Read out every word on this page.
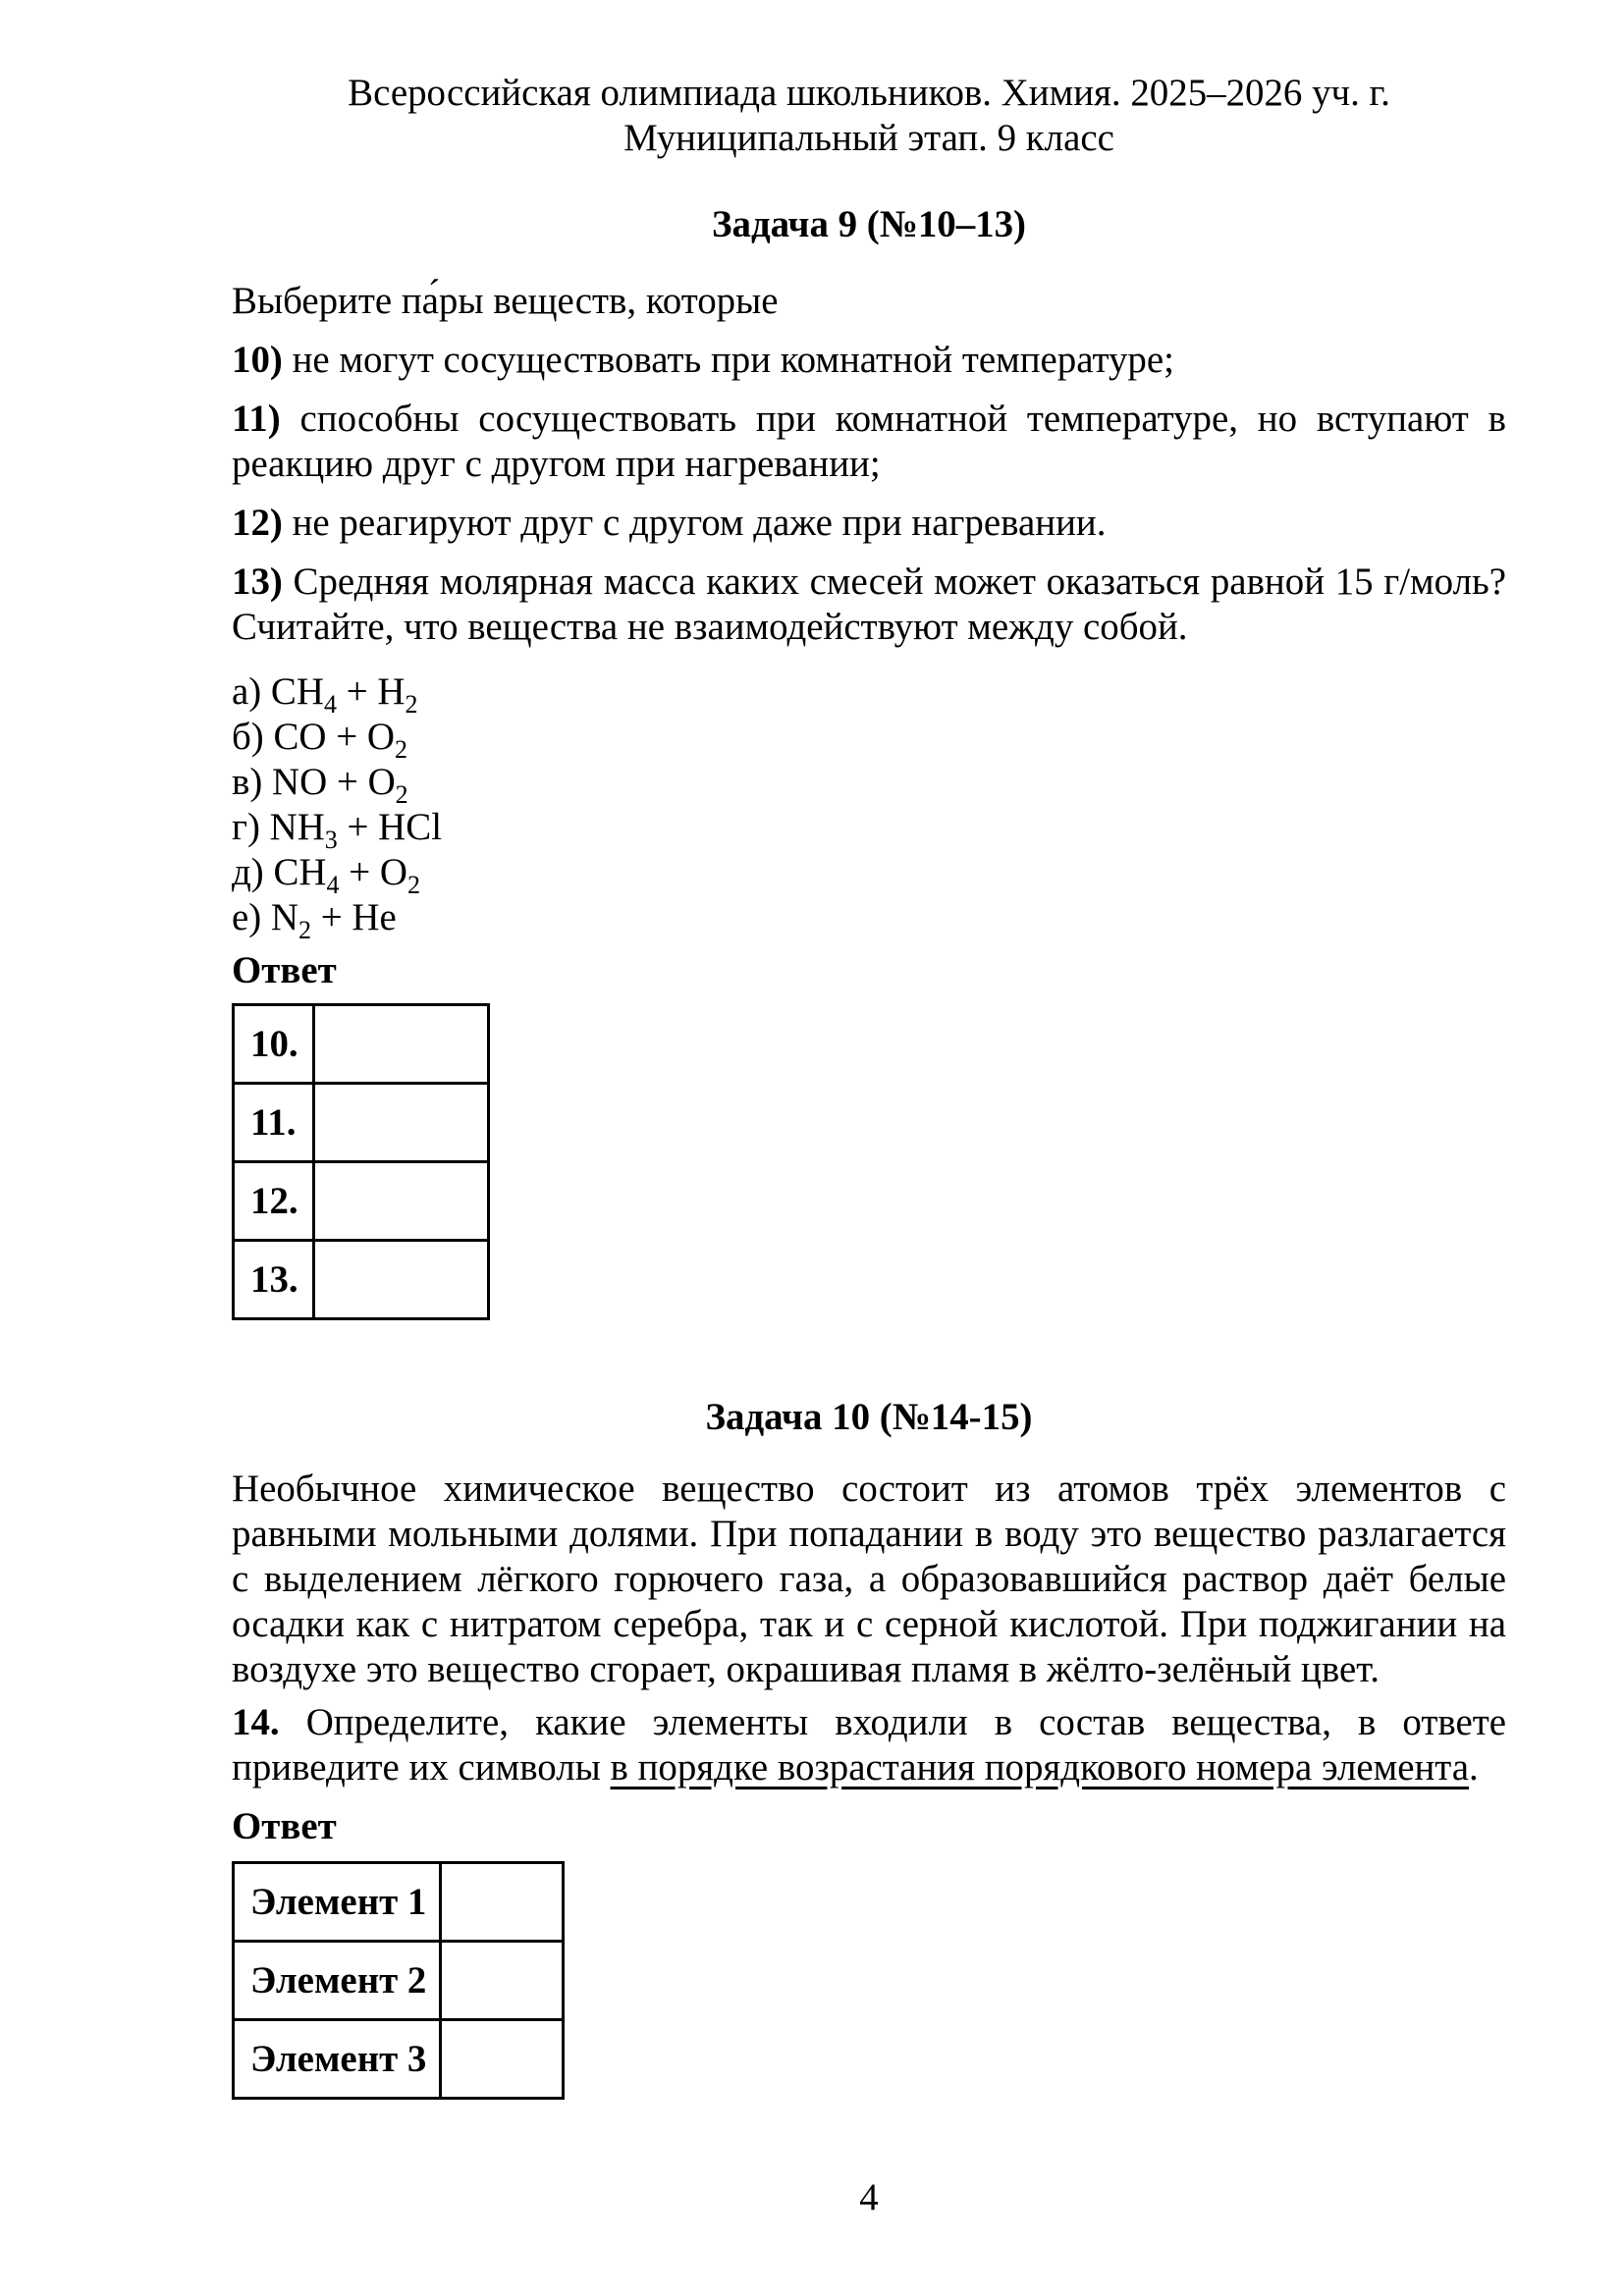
Всероссийская олимпиада школьников. Химия. 2025–2026 уч. г.

Муниципальный этап. 9 класс

Задача 9 (№10–13)

Выберите па́ры веществ, которые

10) не могут сосуществовать при комнатной температуре;

11) способны сосуществовать при комнатной температуре, но вступают в реакцию друг с другом при нагревании;

12) не реагируют друг с другом даже при нагревании.

13) Средняя молярная масса каких смесей может оказаться равной 15 г/моль? Считайте, что вещества не взаимодействуют между собой.

а) $CH_4 + H_2$
б) CO + $O_2$
в) NO + $O_2$
г) $NH_3$ + HCl
д) $CH_4 + O_2$
е) $N_2 + He$

Ответ

10.	
11.	
12.	
13.	

Задача 10 (№14-15)

Необычное химическое вещество состоит из атомов трёх элементов с равными мольными долями. При попадании в воду это вещество разлагается с выделением лёгкого горючего газа, а образовавшийся раствор даёт белые осадки как с нитратом серебра, так и с серной кислотой. При поджигании на воздухе это вещество сгорает, окрашивая пламя в жёлто-зелёный цвет.

14. Определите, какие элементы входили в состав вещества, в ответе приведите их символы в порядке возрастания порядкового номера элемента.

Ответ

Элемент 1	
Элемент 2	
Элемент 3	
4
